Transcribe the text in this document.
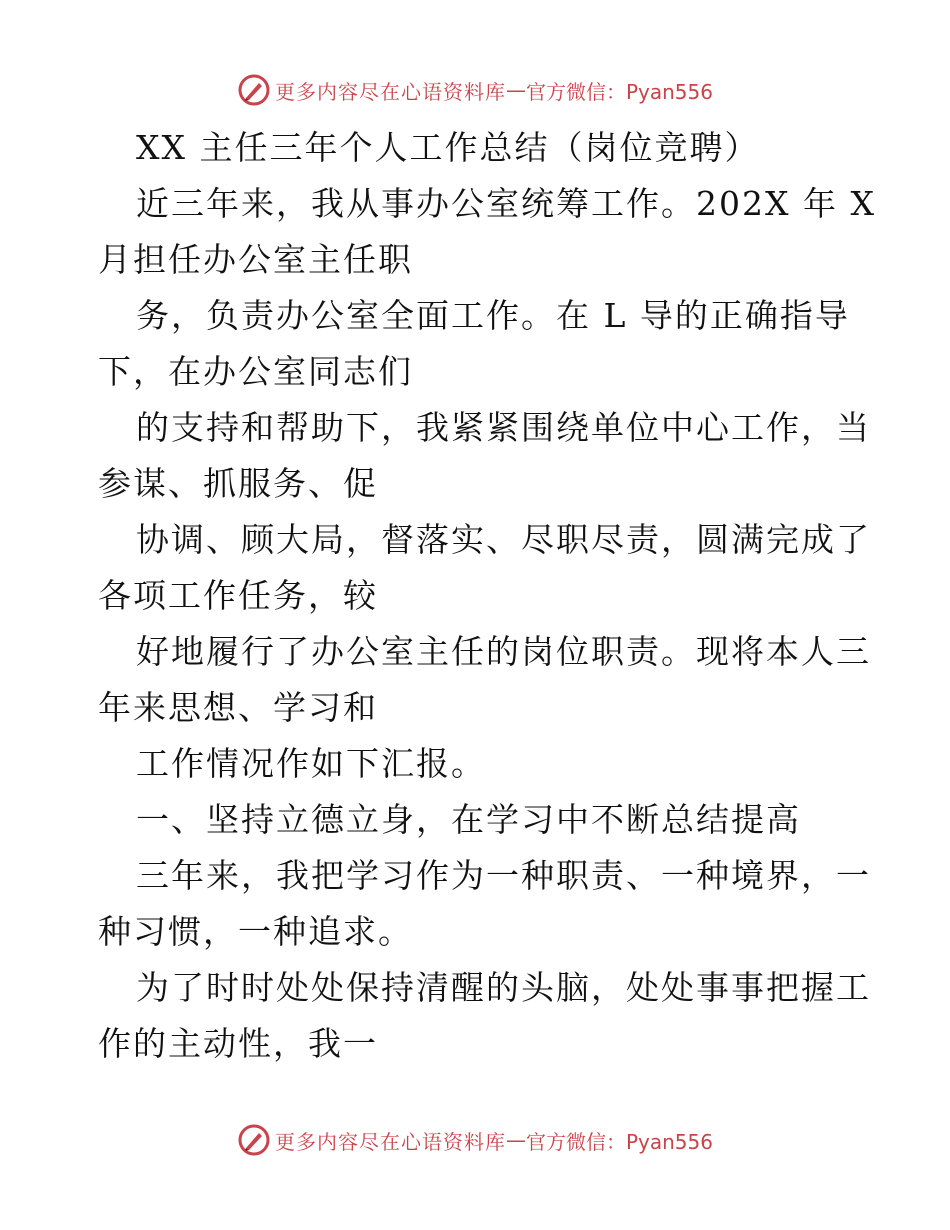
更多内容尽在心语资料库 — 官方微信：Pyan556
XX 主任三年个人工作总结（岗位竞聘）
近三年来，我从事办公室统筹工作。202X 年 X
月担任办公室主任职
务，负责办公室全面工作。在 L 导的正确指导
下，在办公室同志们
的支持和帮助下，我紧紧围绕单位中心工作，当
参谋、抓服务、促
协调、顾大局，督落实、尽职尽责，圆满完成了
各项工作任务，较
好地履行了办公室主任的岗位职责。现将本人三
年来思想、学习和
工作情况作如下汇报。
一、坚持立德立身，在学习中不断总结提高
三年来，我把学习作为一种职责、一种境界，一
种习惯，一种追求。
为了时时处处保持清醒的头脑，处处事事把握工
作的主动性，我一
更多内容尽在心语资料库 — 官方微信：Pyan556
